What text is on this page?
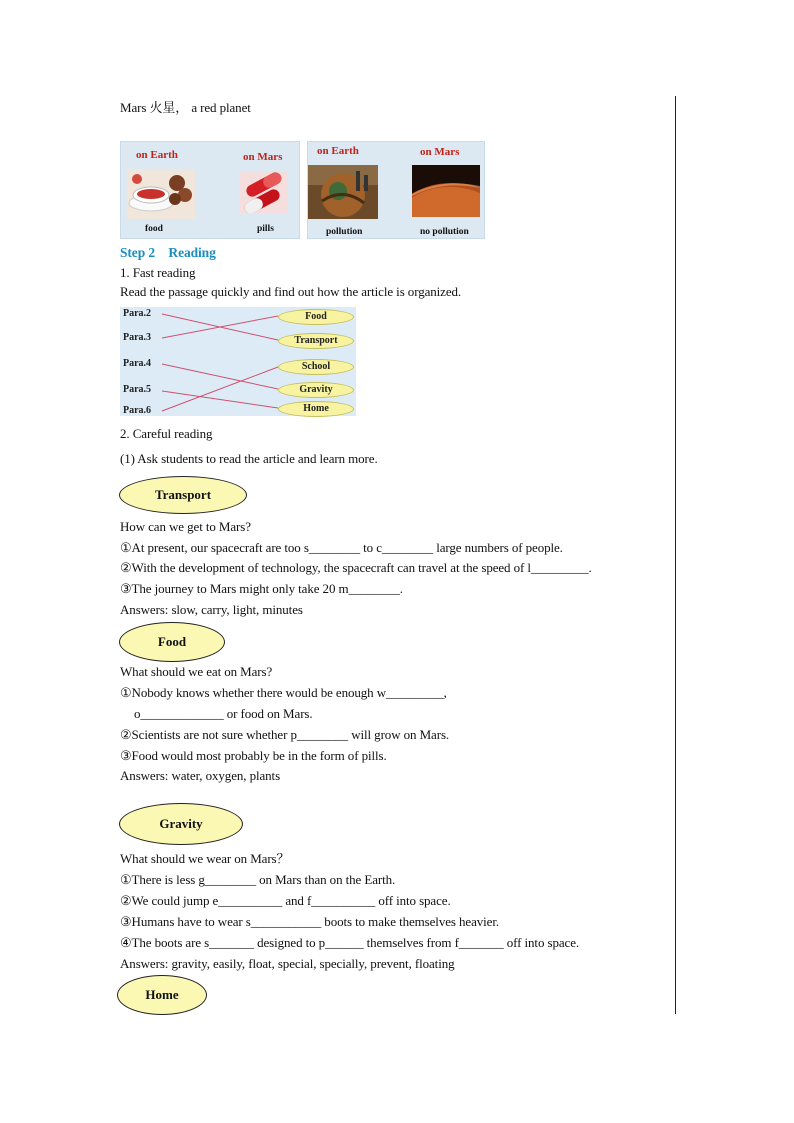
Mars 火星， a red planet
on Earth	on Mars
food	pills
on Earth	on Mars
pollution	no pollution
Step 2　Reading
1. Fast reading
Read the passage quickly and find out how the article is organized.
Para.2
Para.3
Para.4
Para.5
Para.6
Food
Transport
School
Gravity
Home
2. Careful reading
(1) Ask students to read the article and learn more.
Transport
How can we get to Mars?
①At present, our spacecraft are too s________ to c________ large numbers of people.
②With the development of technology, the spacecraft can travel at the speed of l_________.
③The journey to Mars might only take 20 m________.
Answers: slow, carry, light, minutes
Food
What should we eat on Mars?
①Nobody knows whether there would be enough w_________,
o_____________ or food on Mars.
②Scientists are not sure whether p________ will grow on Mars.
③Food would most probably be in the form of pills.
Answers: water, oxygen, plants
Gravity
What should we wear on Mars？
①There is less g________ on Mars than on the Earth.
②We could jump e__________ and f__________ off into space.
③Humans have to wear s___________ boots to make themselves heavier.
④The boots are s_______ designed to p______ themselves from f_______ off into space.
Answers: gravity, easily, float, special, specially, prevent, floating
Home
